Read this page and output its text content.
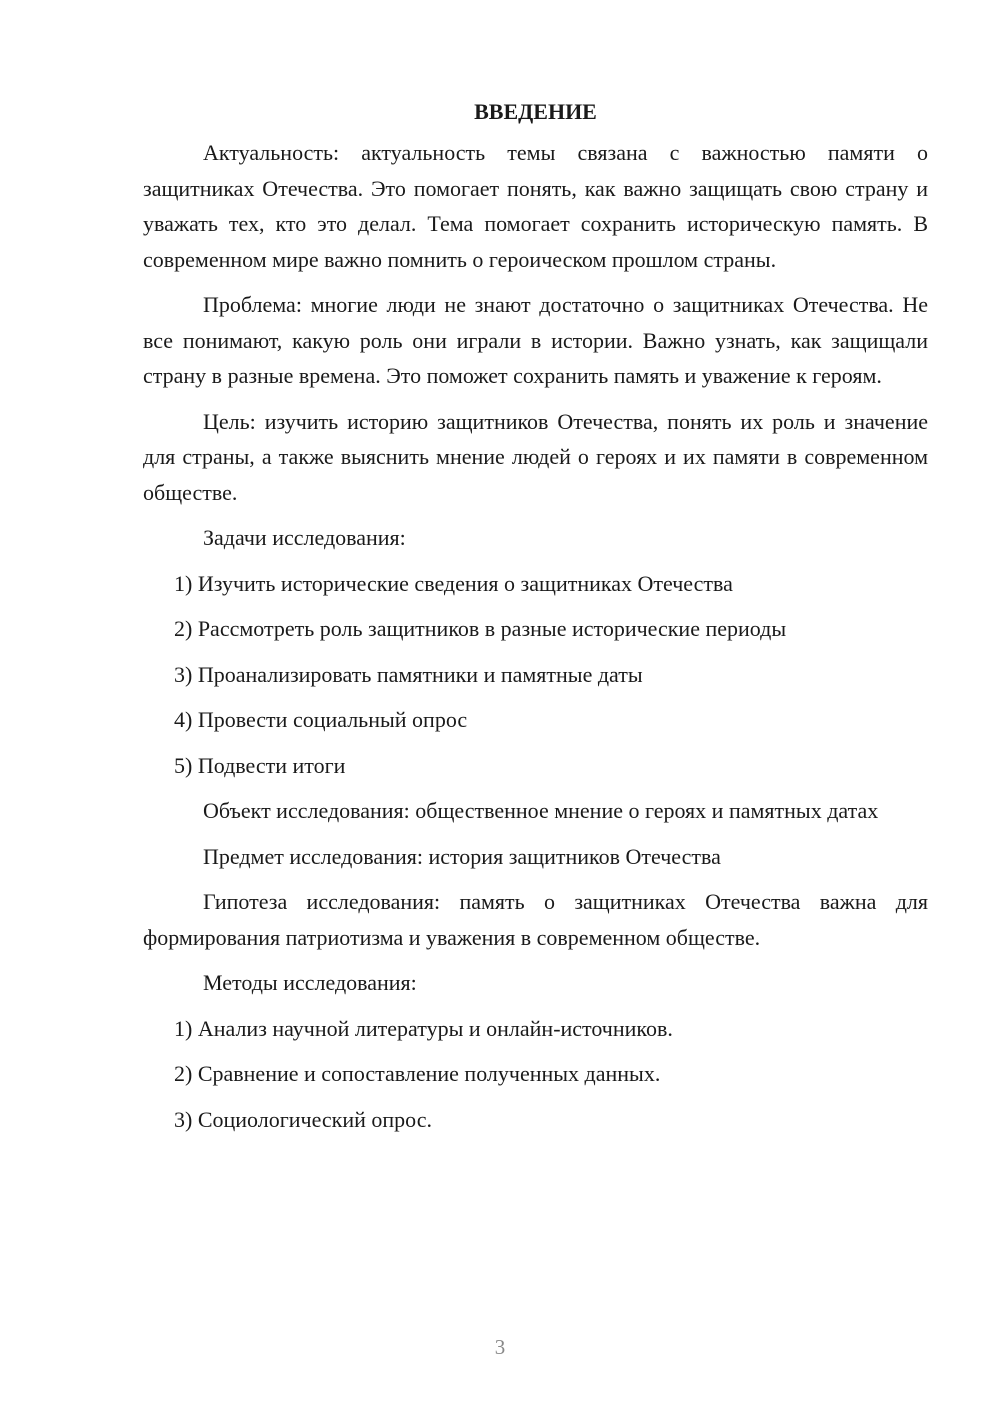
ВВЕДЕНИЕ

Актуальность: актуальность темы связана с важностью памяти о защитниках Отечества. Это помогает понять, как важно защищать свою страну и уважать тех, кто это делал. Тема помогает сохранить историческую память. В современном мире важно помнить о героическом прошлом страны.

Проблема: многие люди не знают достаточно о защитниках Отечества. Не все понимают, какую роль они играли в истории. Важно узнать, как защищали страну в разные времена. Это поможет сохранить память и уважение к героям.

Цель: изучить историю защитников Отечества, понять их роль и значение для страны, а также выяснить мнение людей о героях и их памяти в современном обществе.

Задачи исследования:

1) Изучить исторические сведения о защитниках Отечества

2) Рассмотреть роль защитников в разные исторические периоды

3) Проанализировать памятники и памятные даты

4) Провести социальный опрос

5) Подвести итоги

Объект исследования: общественное мнение о героях и памятных датах

Предмет исследования: история защитников Отечества

Гипотеза исследования: память о защитниках Отечества важна для формирования патриотизма и уважения в современном обществе.

Методы исследования:

1) Анализ научной литературы и онлайн-источников.

2) Сравнение и сопоставление полученных данных.

3) Социологический опрос.

3
